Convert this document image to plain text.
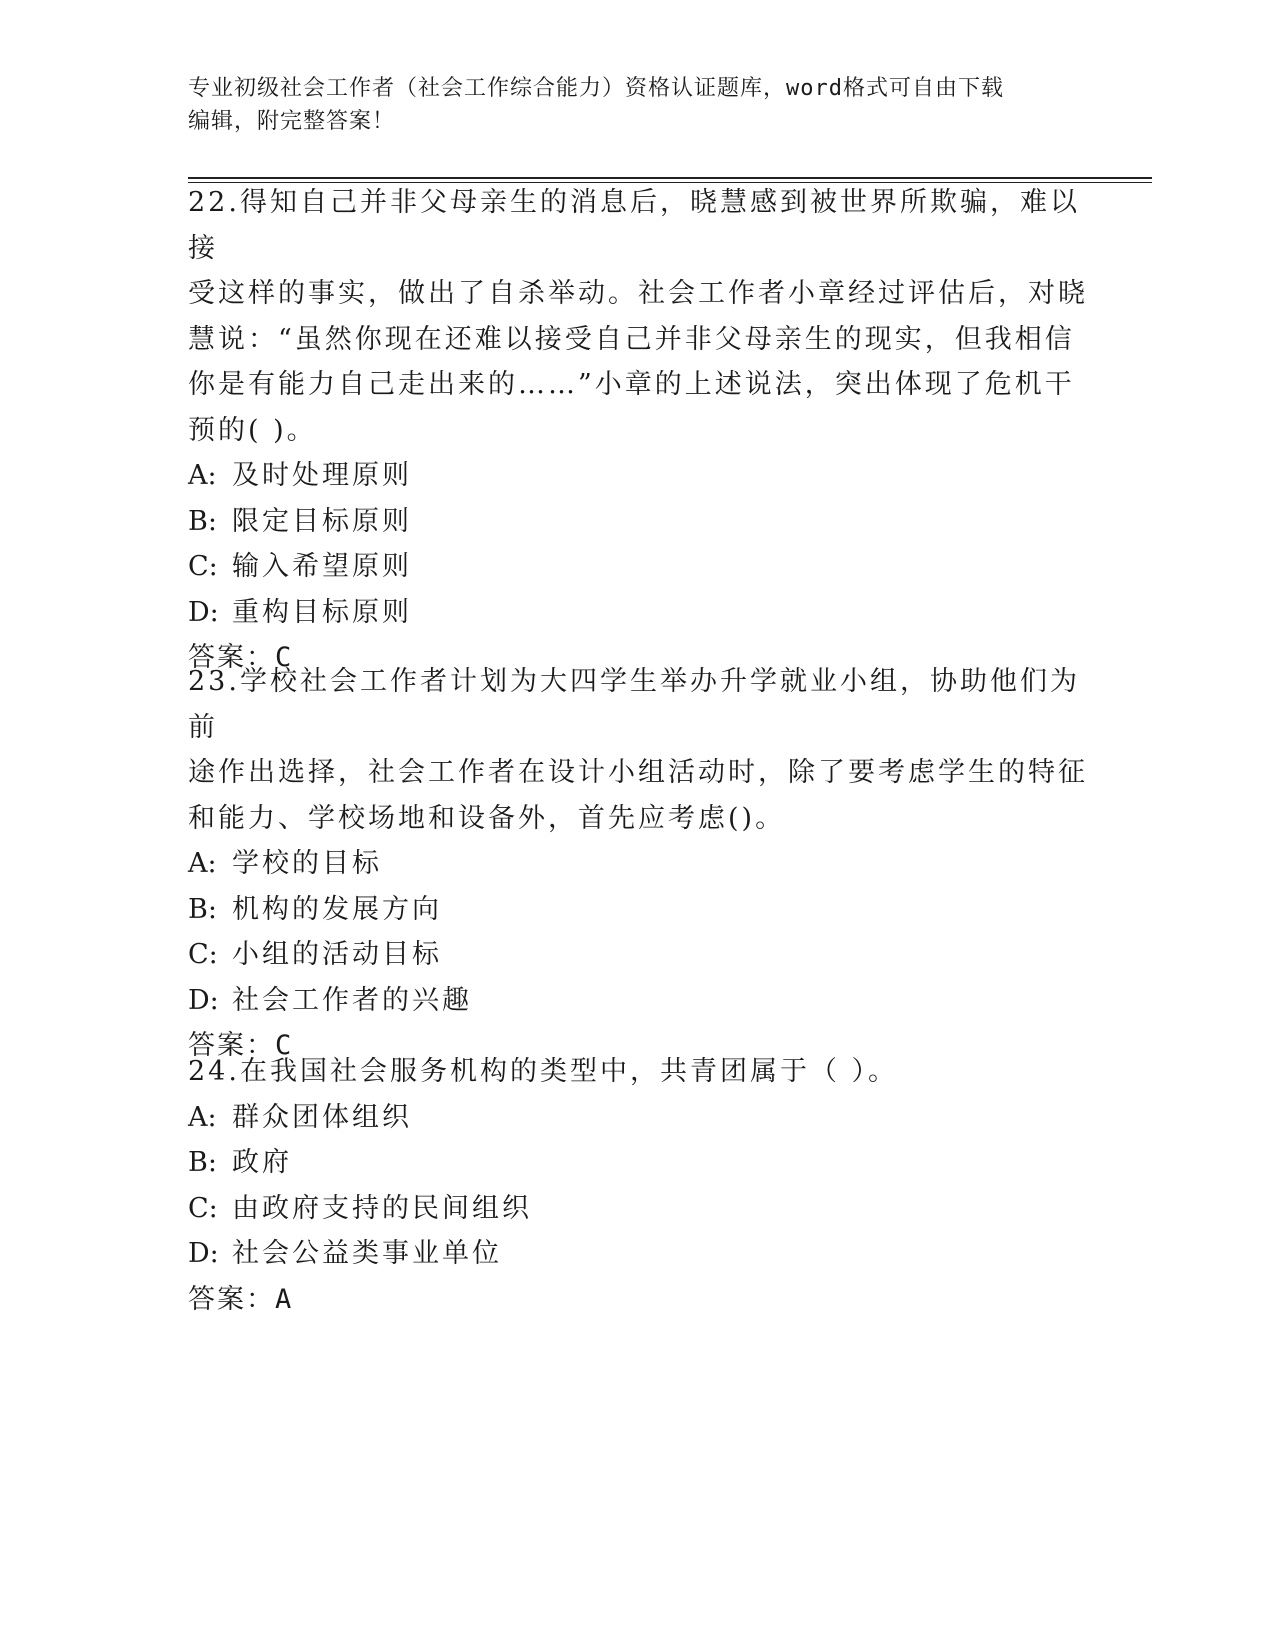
专业初级社会工作者（社会工作综合能力）资格认证题库，word格式可自由下载
编辑，附完整答案！
22.得知自己并非父母亲生的消息后，晓慧感到被世界所欺骗，难以接
受这样的事实，做出了自杀举动。社会工作者小章经过评估后，对晓
慧说：“虽然你现在还难以接受自己并非父母亲生的现实，但我相信
你是有能力自己走出来的……”小章的上述说法，突出体现了危机干
预的( )。
A: 及时处理原则
B: 限定目标原则
C: 输入希望原则
D: 重构目标原则
答案：C
23.学校社会工作者计划为大四学生举办升学就业小组，协助他们为前
途作出选择，社会工作者在设计小组活动时，除了要考虑学生的特征
和能力、学校场地和设备外，首先应考虑()。
A: 学校的目标
B: 机构的发展方向
C: 小组的活动目标
D: 社会工作者的兴趣
答案：C
24.在我国社会服务机构的类型中，共青团属于（ ）。
A: 群众团体组织
B: 政府
C: 由政府支持的民间组织
D: 社会公益类事业单位
答案：A
